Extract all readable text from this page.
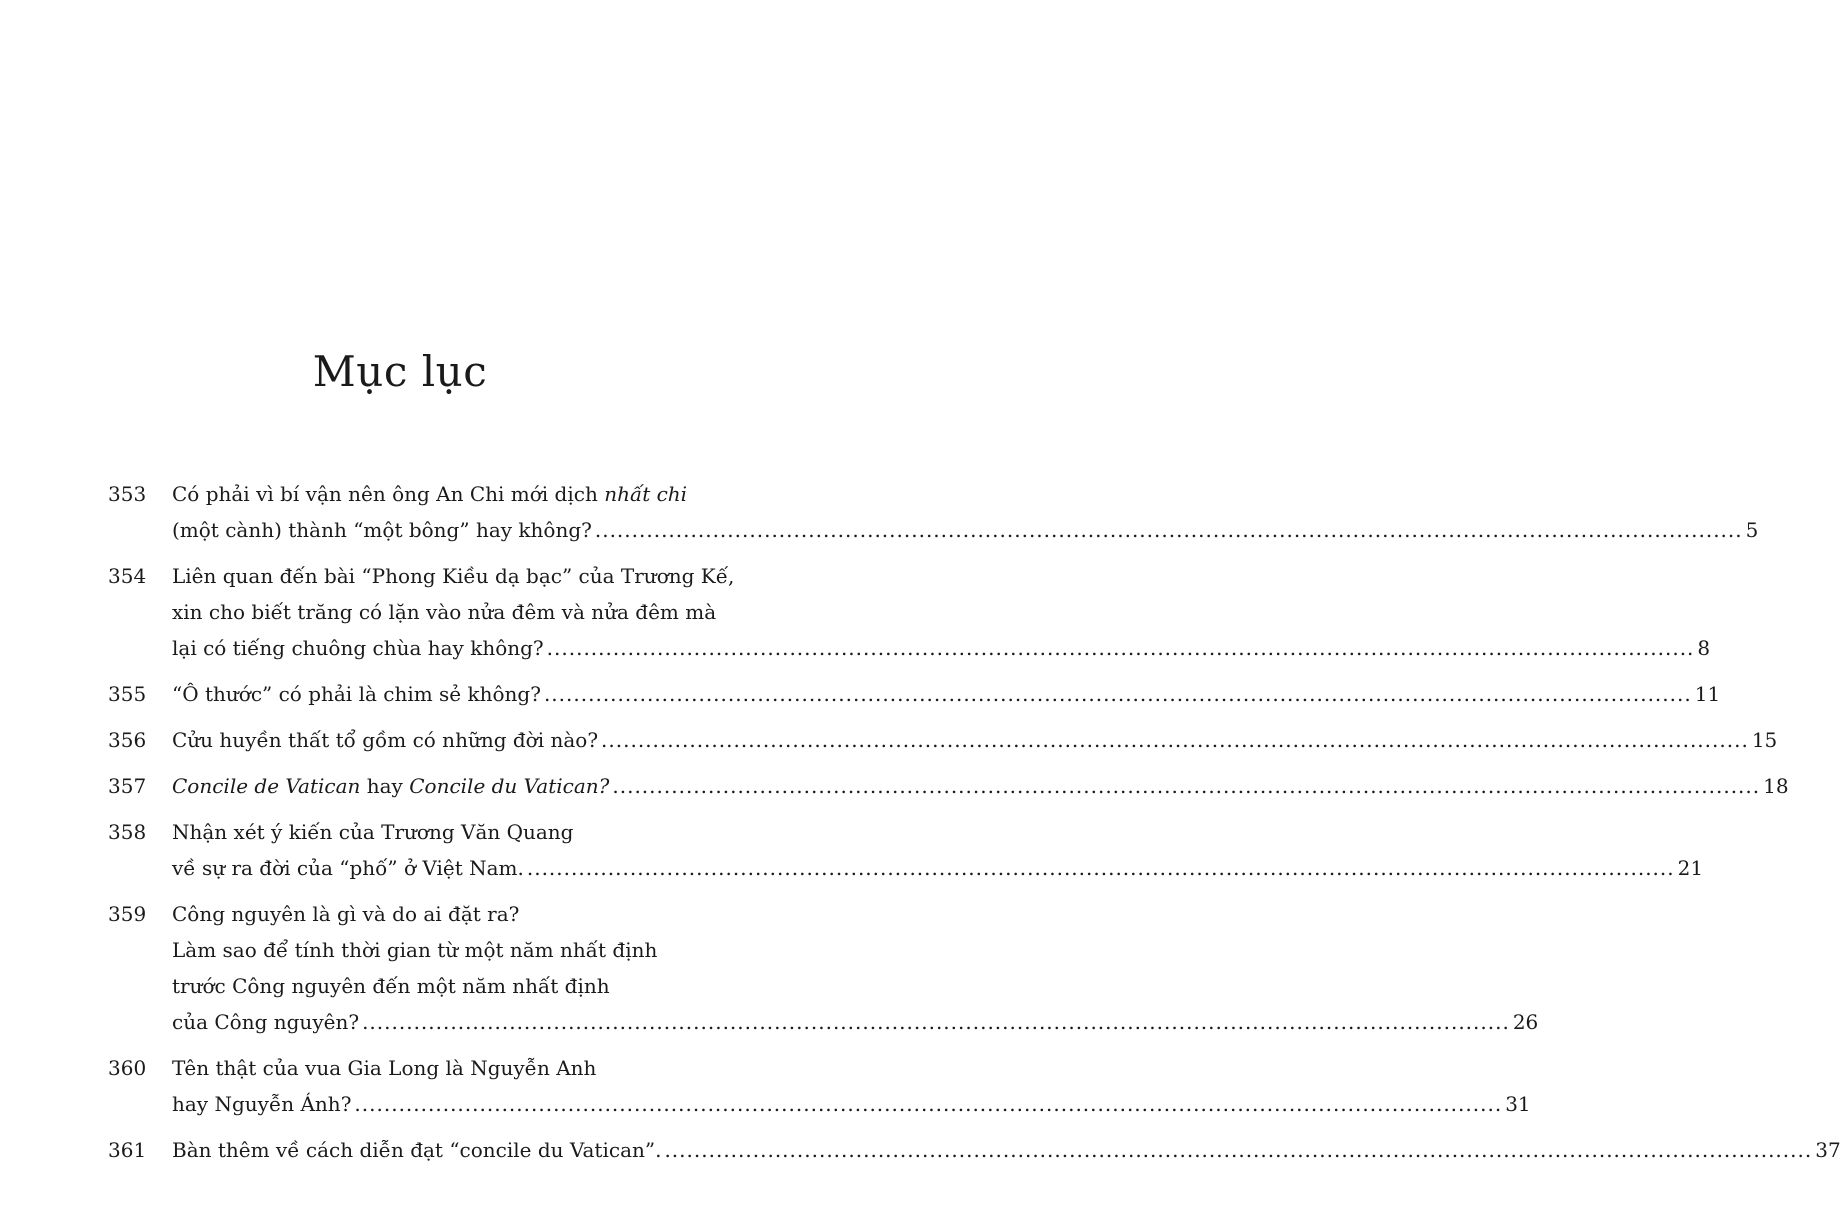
Mục lục
353	Có phải vì bí vận nên ông An Chi mới dịch nhất chi
(một cành) thành “một bông” hay không? .....	5
354	Liên quan đến bài “Phong Kiều dạ bạc” của Trương Kế,
xin cho biết trăng có lặn vào nửa đêm và nửa đêm mà
lại có tiếng chuông chùa hay không? .....	8
355	“Ô thước” có phải là chim sẻ không? .....	11
356	Cửu huyền thất tổ gồm có những đời nào? .....	15
357	Concile de Vatican hay Concile du Vatican? .....	18
358	Nhận xét ý kiến của Trương Văn Quang
về sự ra đời của “phố” ở Việt Nam. .....	21
359	Công nguyên là gì và do ai đặt ra?
Làm sao để tính thời gian từ một năm nhất định
trước Công nguyên đến một năm nhất định
của Công nguyên? .....	26
360	Tên thật của vua Gia Long là Nguyễn Anh
hay Nguyễn Ánh? .....	31
361	Bàn thêm về cách diễn đạt “concile du Vatican”. .....	37
